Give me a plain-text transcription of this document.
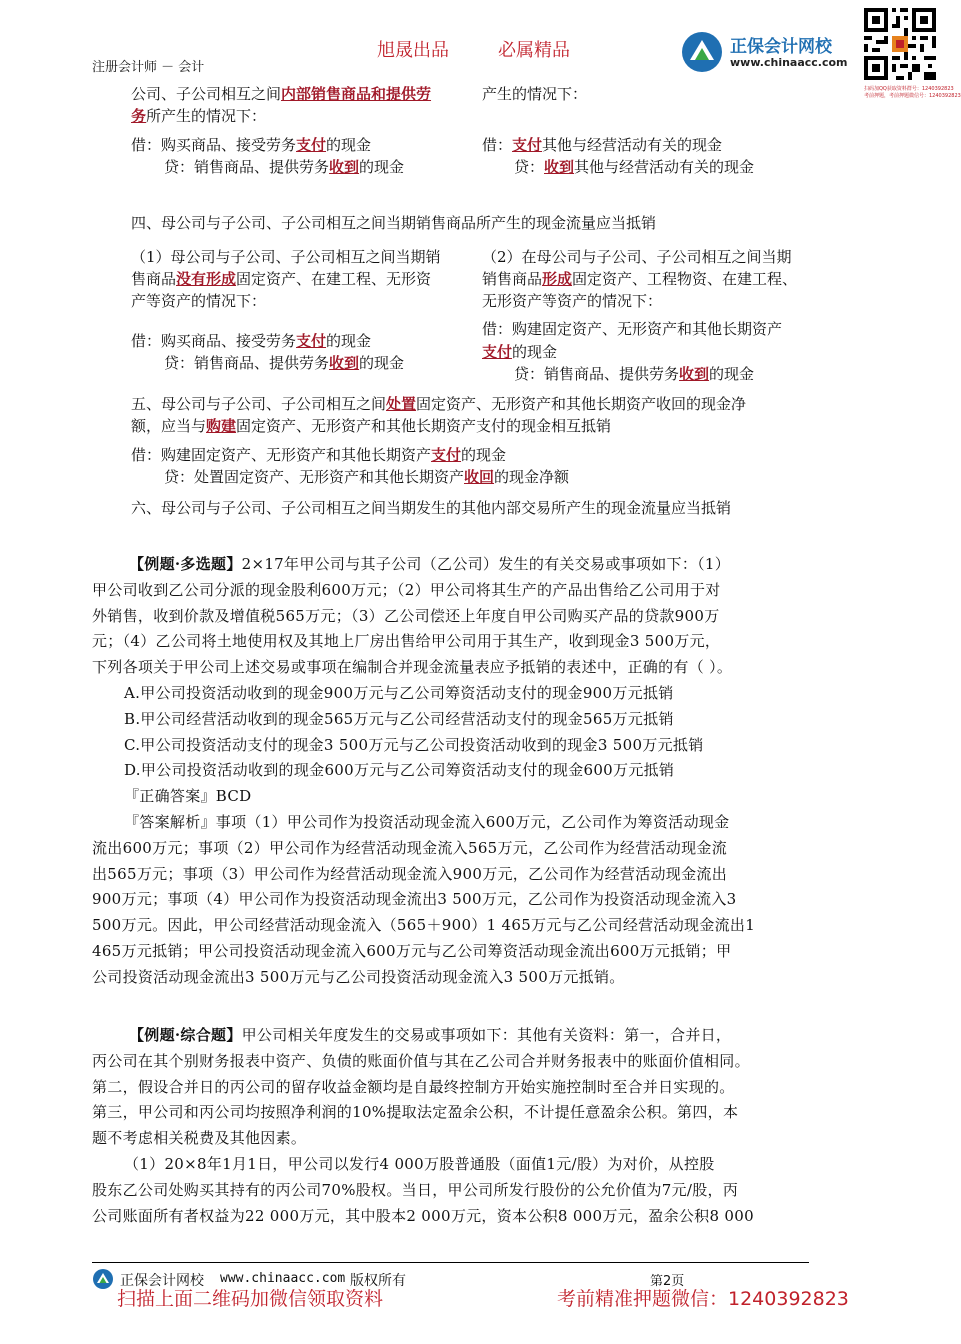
旭晟出品	必属精品
注册会计师 － 会计
正保会计网校
www.chinaacc.com
扫码加QQ获取资料群号：1240392823
考前押题，考前押题微信号：1240392823
公司、子公司相互之间内部销售商品和提供劳
务所产生的情况下：
产生的情况下：
借：购买商品、接受劳务支付的现金
贷：销售商品、提供劳务收到的现金
借：支付其他与经营活动有关的现金
贷：收到其他与经营活动有关的现金
四、母公司与子公司、子公司相互之间当期销售商品所产生的现金流量应当抵销
（1）母公司与子公司、子公司相互之间当期销
售商品没有形成固定资产、在建工程、无形资
产等资产的情况下：
借：购买商品、接受劳务支付的现金
贷：销售商品、提供劳务收到的现金
（2）在母公司与子公司、子公司相互之间当期
销售商品形成固定资产、工程物资、在建工程、
无形资产等资产的情况下：
借：购建固定资产、无形资产和其他长期资产
支付的现金
贷：销售商品、提供劳务收到的现金
五、母公司与子公司、子公司相互之间处置固定资产、无形资产和其他长期资产收回的现金净
额，应当与购建固定资产、无形资产和其他长期资产支付的现金相互抵销
借：购建固定资产、无形资产和其他长期资产支付的现金
贷：处置固定资产、无形资产和其他长期资产收回的现金净额
六、母公司与子公司、子公司相互之间当期发生的其他内部交易所产生的现金流量应当抵销
【例题·多选题】2×17年甲公司与其子公司（乙公司）发生的有关交易或事项如下：（1）
甲公司收到乙公司分派的现金股利600万元；（2）甲公司将其生产的产品出售给乙公司用于对
外销售，收到价款及增值税565万元；（3）乙公司偿还上年度自甲公司购买产品的贷款900万
元；（4）乙公司将土地使用权及其地上厂房出售给甲公司用于其生产，收到现金3 500万元，
下列各项关于甲公司上述交易或事项在编制合并现金流量表应予抵销的表述中，正确的有（ ）。
A.甲公司投资活动收到的现金900万元与乙公司筹资活动支付的现金900万元抵销
B.甲公司经营活动收到的现金565万元与乙公司经营活动支付的现金565万元抵销
C.甲公司投资活动支付的现金3 500万元与乙公司投资活动收到的现金3 500万元抵销
D.甲公司投资活动收到的现金600万元与乙公司筹资活动支付的现金600万元抵销
『正确答案』BCD
『答案解析』事项（1）甲公司作为投资活动现金流入600万元，乙公司作为筹资活动现金
流出600万元；事项（2）甲公司作为经营活动现金流入565万元，乙公司作为经营活动现金流
出565万元；事项（3）甲公司作为经营活动现金流入900万元，乙公司作为经营活动现金流出
900万元；事项（4）甲公司作为投资活动现金流出3 500万元，乙公司作为投资活动现金流入3
500万元。因此，甲公司经营活动现金流入（565＋900）1 465万元与乙公司经营活动现金流出1
465万元抵销；甲公司投资活动现金流入600万元与乙公司筹资活动现金流出600万元抵销；甲
公司投资活动现金流出3 500万元与乙公司投资活动现金流入3 500万元抵销。
【例题·综合题】甲公司相关年度发生的交易或事项如下：其他有关资料：第一，合并日，
丙公司在其个别财务报表中资产、负债的账面价值与其在乙公司合并财务报表中的账面价值相同。
第二，假设合并日的丙公司的留存收益金额均是自最终控制方开始实施控制时至合并日实现的。
第三，甲公司和丙公司均按照净利润的10%提取法定盈余公积，不计提任意盈余公积。第四，本
题不考虑相关税费及其他因素。
（1）20×8年1月1日，甲公司以发行4 000万股普通股（面值1元/股）为对价，从控股
股东乙公司处购买其持有的丙公司70%股权。当日，甲公司所发行股份的公允价值为7元/股，丙
公司账面所有者权益为22 000万元，其中股本2 000万元，资本公积8 000万元，盈余公积8 000
正保会计网校 www.chinaacc.com 版权所有	第2页
扫描上面二维码加微信领取资料	考前精准押题微信：1240392823
